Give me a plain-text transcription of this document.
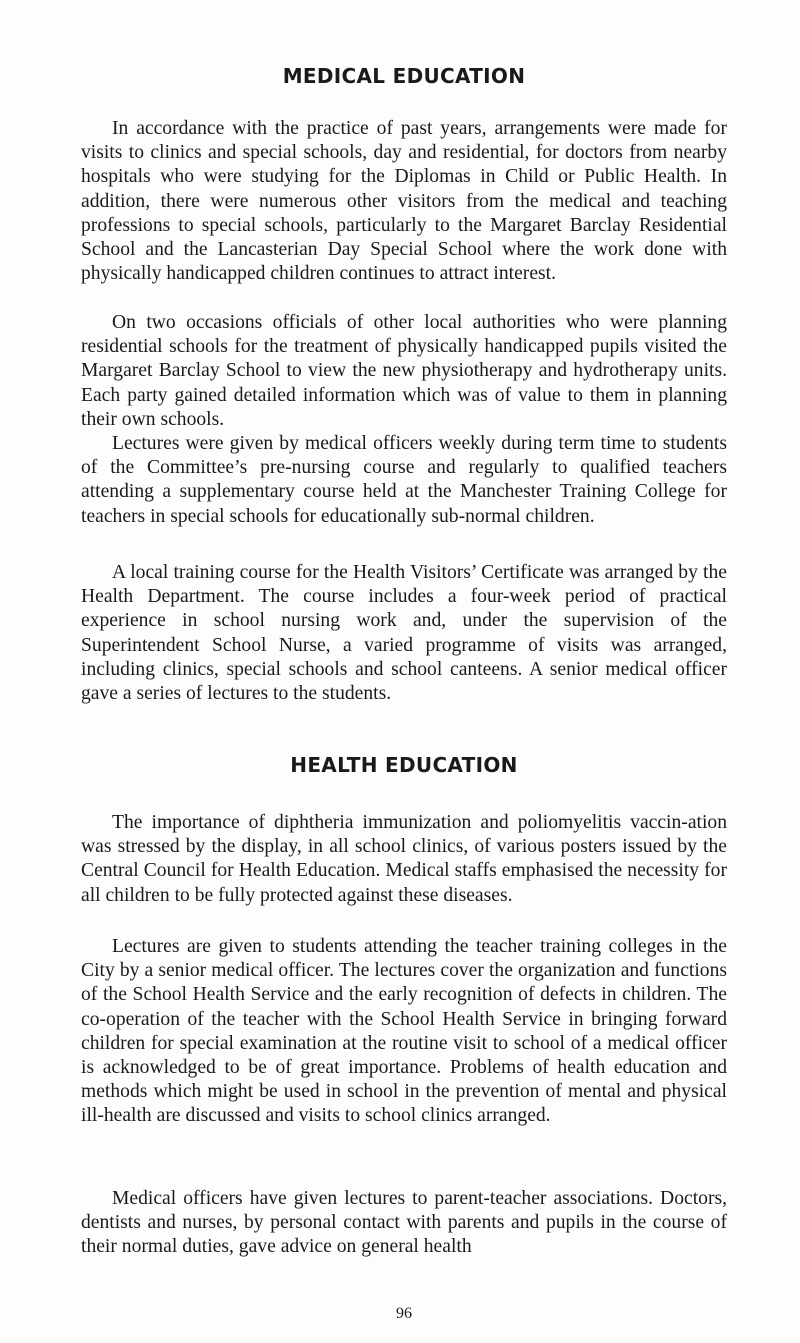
MEDICAL EDUCATION

In accordance with the practice of past years, arrangements were made for visits to clinics and special schools, day and residential, for doctors from nearby hospitals who were studying for the Diplomas in Child or Public Health. In addition, there were numerous other visitors from the medical and teaching professions to special schools, particularly to the Margaret Barclay Residential School and the Lancasterian Day Special School where the work done with physically handicapped children continues to attract interest.

On two occasions officials of other local authorities who were planning residential schools for the treatment of physically handicapped pupils visited the Margaret Barclay School to view the new physiotherapy and hydrotherapy units. Each party gained detailed information which was of value to them in planning their own schools.

Lectures were given by medical officers weekly during term time to students of the Committee’s pre-nursing course and regularly to qualified teachers attending a supplementary course held at the Manchester Training College for teachers in special schools for educationally sub-normal children.

A local training course for the Health Visitors’ Certificate was arranged by the Health Department. The course includes a four-week period of practical experience in school nursing work and, under the supervision of the Superintendent School Nurse, a varied programme of visits was arranged, including clinics, special schools and school canteens. A senior medical officer gave a series of lectures to the students.

HEALTH EDUCATION

The importance of diphtheria immunization and poliomyelitis vaccin-ation was stressed by the display, in all school clinics, of various posters issued by the Central Council for Health Education. Medical staffs emphasised the necessity for all children to be fully protected against these diseases.

Lectures are given to students attending the teacher training colleges in the City by a senior medical officer. The lectures cover the organization and functions of the School Health Service and the early recognition of defects in children. The co-operation of the teacher with the School Health Service in bringing forward children for special examination at the routine visit to school of a medical officer is acknowledged to be of great importance. Problems of health education and methods which might be used in school in the prevention of mental and physical ill-health are discussed and visits to school clinics arranged.

Medical officers have given lectures to parent-teacher associations. Doctors, dentists and nurses, by personal contact with parents and pupils in the course of their normal duties, gave advice on general health

96
